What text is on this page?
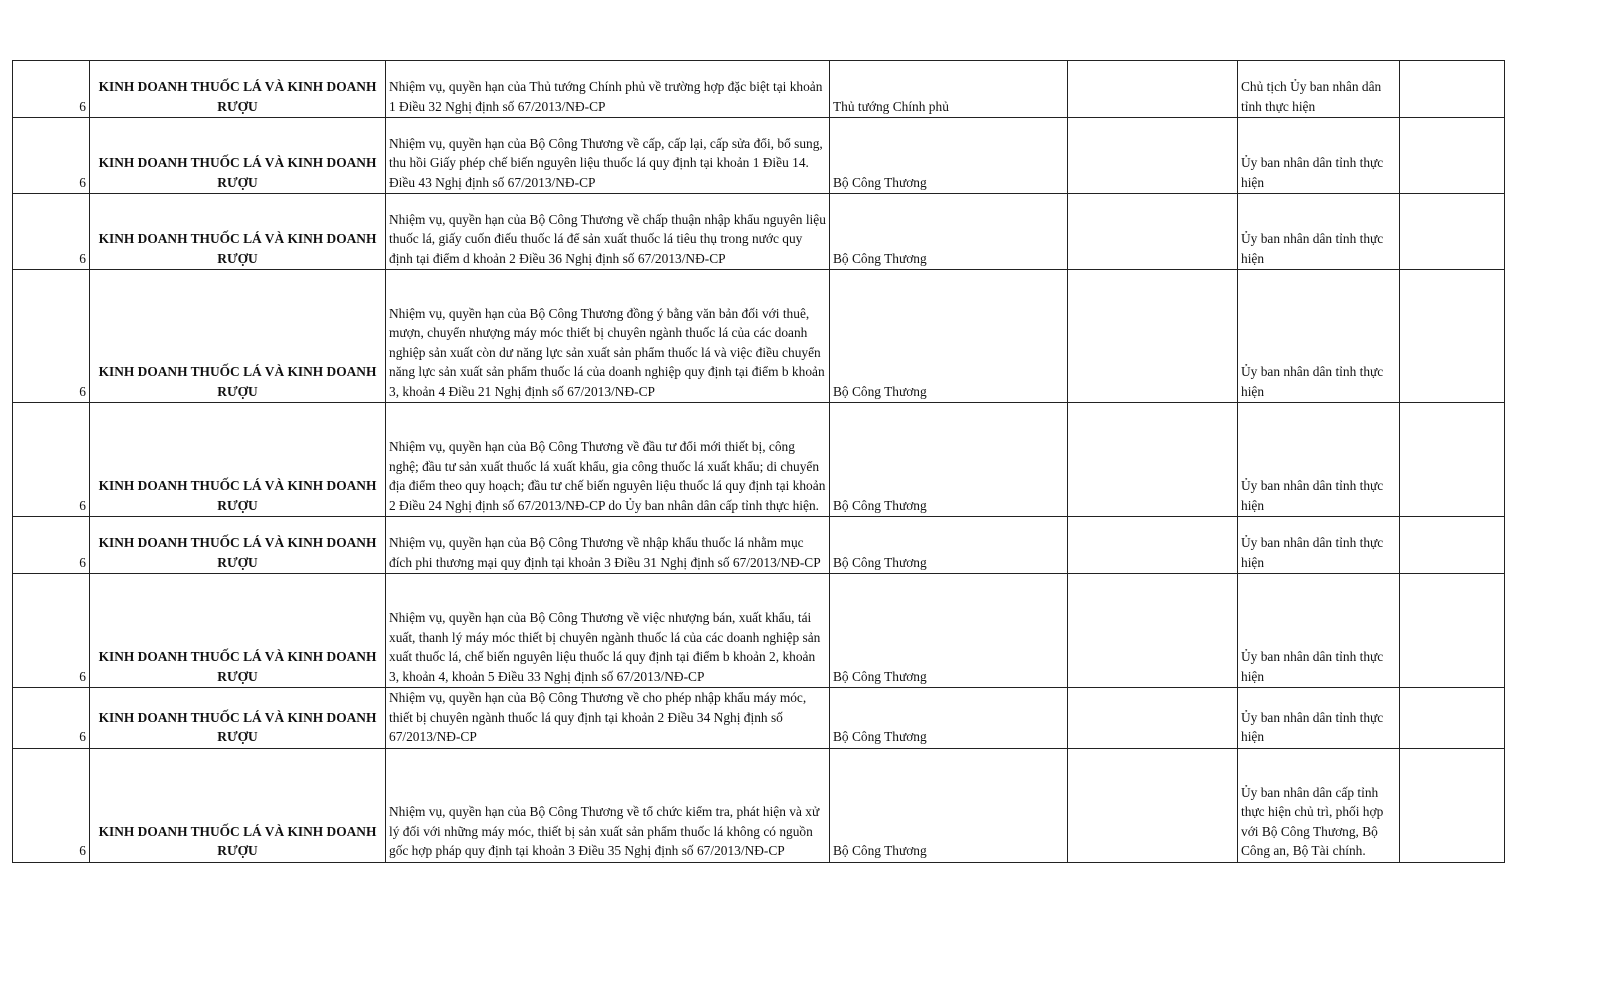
6	KINH DOANH THUỐC LÁ VÀ KINH DOANH RƯỢU	Nhiệm vụ, quyền hạn của Thủ tướng Chính phủ về trường hợp đặc biệt tại khoản 1 Điều 32 Nghị định số 67/2013/NĐ-CP	Thủ tướng Chính phủ		Chủ tịch Ủy ban nhân dân tỉnh thực hiện	
6	KINH DOANH THUỐC LÁ VÀ KINH DOANH RƯỢU	Nhiệm vụ, quyền hạn của Bộ Công Thương về cấp, cấp lại, cấp sửa đổi, bổ sung, thu hồi Giấy phép chế biến nguyên liệu thuốc lá quy định tại khoản 1 Điều 14. Điều 43 Nghị định số 67/2013/NĐ-CP	Bộ Công Thương		Ủy ban nhân dân tỉnh thực hiện	
6	KINH DOANH THUỐC LÁ VÀ KINH DOANH RƯỢU	Nhiệm vụ, quyền hạn của Bộ Công Thương về chấp thuận nhập khẩu nguyên liệu thuốc lá, giấy cuốn điếu thuốc lá để sản xuất thuốc lá tiêu thụ trong nước quy định tại điểm d khoản 2 Điều 36 Nghị định số 67/2013/NĐ-CP	Bộ Công Thương		Ủy ban nhân dân tỉnh thực hiện	
6	KINH DOANH THUỐC LÁ VÀ KINH DOANH RƯỢU	Nhiệm vụ, quyền hạn của Bộ Công Thương đồng ý bằng văn bản đối với thuê, mượn, chuyển nhượng máy móc thiết bị chuyên ngành thuốc lá của các doanh nghiệp sản xuất còn dư năng lực sản xuất sản phẩm thuốc lá và việc điều chuyển năng lực sản xuất sản phẩm thuốc lá của doanh nghiệp quy định tại điểm b khoản 3, khoản 4 Điều 21 Nghị định số 67/2013/NĐ-CP	Bộ Công Thương		Ủy ban nhân dân tỉnh thực hiện	
6	KINH DOANH THUỐC LÁ VÀ KINH DOANH RƯỢU	Nhiệm vụ, quyền hạn của Bộ Công Thương về đầu tư đổi mới thiết bị, công nghệ; đầu tư sản xuất thuốc lá xuất khẩu, gia công thuốc lá xuất khẩu; di chuyển địa điểm theo quy hoạch; đầu tư chế biến nguyên liệu thuốc lá quy định tại khoản 2 Điều 24 Nghị định số 67/2013/NĐ-CP do Ủy ban nhân dân cấp tỉnh thực hiện.	Bộ Công Thương		Ủy ban nhân dân tỉnh thực hiện	
6	KINH DOANH THUỐC LÁ VÀ KINH DOANH RƯỢU	Nhiệm vụ, quyền hạn của Bộ Công Thương về nhập khẩu thuốc lá nhằm mục đích phi thương mại quy định tại khoản 3 Điều 31 Nghị định số 67/2013/NĐ-CP	Bộ Công Thương		Ủy ban nhân dân tỉnh thực hiện	
6	KINH DOANH THUỐC LÁ VÀ KINH DOANH RƯỢU	Nhiệm vụ, quyền hạn của Bộ Công Thương về việc nhượng bán, xuất khẩu, tái xuất, thanh lý máy móc thiết bị chuyên ngành thuốc lá của các doanh nghiệp sản xuất thuốc lá, chế biến nguyên liệu thuốc lá quy định tại điểm b khoản 2, khoản 3, khoản 4, khoản 5 Điều 33 Nghị định số 67/2013/NĐ-CP	Bộ Công Thương		Ủy ban nhân dân tỉnh thực hiện	
6	KINH DOANH THUỐC LÁ VÀ KINH DOANH RƯỢU	Nhiệm vụ, quyền hạn của Bộ Công Thương về cho phép nhập khẩu máy móc, thiết bị chuyên ngành thuốc lá quy định tại khoản 2 Điều 34 Nghị định số 67/2013/NĐ-CP	Bộ Công Thương		Ủy ban nhân dân tỉnh thực hiện	
6	KINH DOANH THUỐC LÁ VÀ KINH DOANH RƯỢU	Nhiệm vụ, quyền hạn của Bộ Công Thương về tổ chức kiểm tra, phát hiện và xử lý đối với những máy móc, thiết bị sản xuất sản phẩm thuốc lá không có nguồn gốc hợp pháp quy định tại khoản 3 Điều 35 Nghị định số 67/2013/NĐ-CP	Bộ Công Thương		Ủy ban nhân dân cấp tỉnh thực hiện chủ trì, phối hợp với Bộ Công Thương, Bộ Công an, Bộ Tài chính.	
